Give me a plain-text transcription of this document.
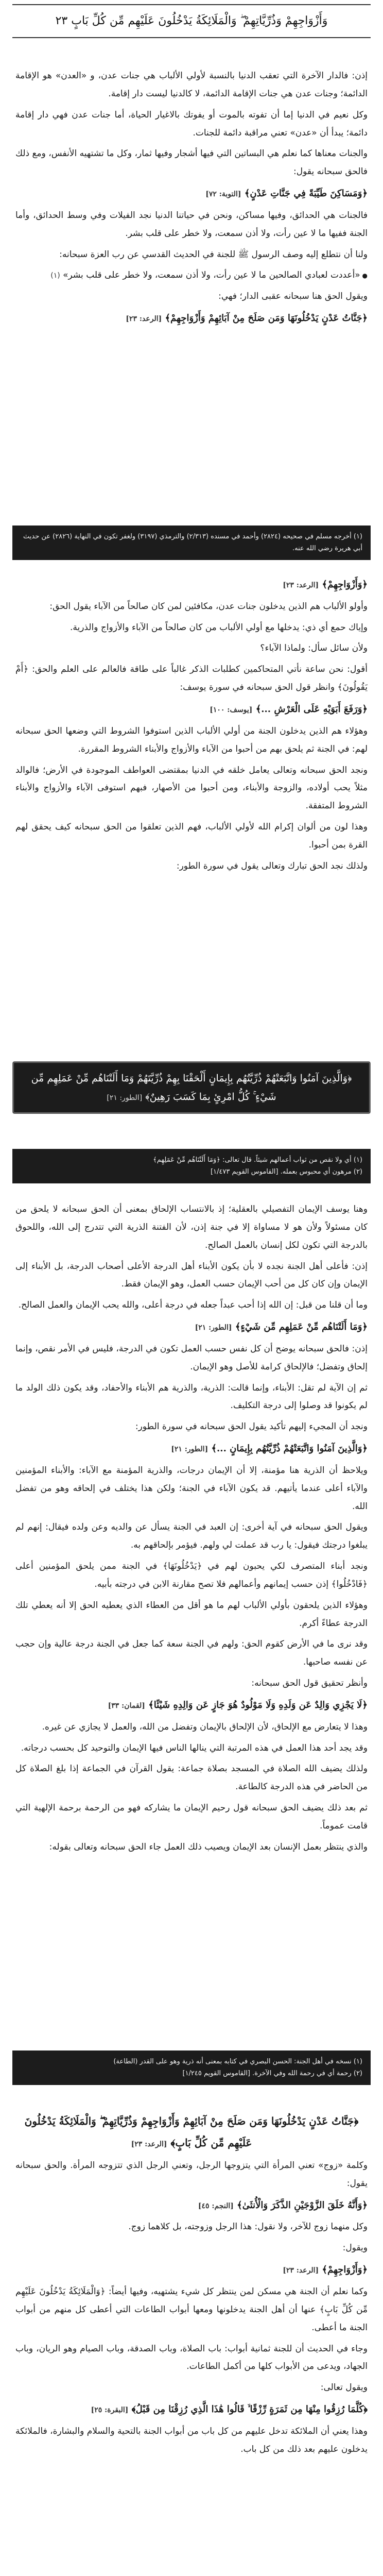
وَأَزْوَاجِهِمْ وَذُرِّيَّاتِهِمْ ۖ وَالْمَلَائِكَةُ يَدْخُلُونَ عَلَيْهِم مِّن كُلِّ بَابٍ ٢٣

إذن: فالدار الآخرة التي تعقب الدنيا بالنسبة لأولي الألباب هي جنات عدن، و «العدن» هو الإقامة الدائمة؛ وجنات عدن هي جنات الإقامة الدائمة، لا كالدنيا ليست دار إقامة.

وكل نعيم في الدنيا إما أن تفوته بالموت أو يفوتك بالاغيار الحياة، أما جنات عدن فهي دار إقامة دائمة؛ يبدأ أن «عدن» تعني مراقبة دائمة للجنات.

والجنات معناها كما نعلم هي البساتين التي فيها أشجار وفيها ثمار، وكل ما تشتهيه الأنفس، ومع ذلك فالحق سبحانه يقول:

﴿وَمَسَاكِنَ طَيِّبَةً فِي جَنَّاتِ عَدْنٍ﴾ [التوبة: ٧٢]

فالجنات هي الحدائق، وفيها مساكن، ونحن في حياتنا الدنيا نجد الفيلات وفي وسط الحدائق، وأما الجنة ففيها ما لا عين رأت، ولا أذن سمعت، ولا خطر على قلب بشر.

ولنا أن نتطلع إليه وصف الرسول ﷺ للجنة في الحديث القدسي عن رب العزة سبحانه:

● «أعددت لعبادي الصالحين ما لا عين رأت، ولا أذن سمعت، ولا خطر على قلب بشر» (١)

ويقول الحق هنا سبحانه عقبى الدار؛ فهي:

﴿جَنَّاتُ عَدْنٍ يَدْخُلُونَهَا وَمَن صَلَحَ مِنْ آبَائِهِمْ وَأَزْوَاجِهِمْ﴾ [الرعد: ٢٣]
(١) أخرجه مسلم في صحيحه (٢٨٢٤) وأحمد في مسنده (٢/٣١٣) والترمذي (٣١٩٧) ولغفر تكون في النهاية (٢٨٢٦) عن حديث أبي هريرة رضي الله عنه.
﴿وَأَزْوَاجِهِمْ﴾ [الرعد: ٢٣]

وأولو الألباب هم الذين يدخلون جنات عدن، مكافئين لمن كان صالحاً من الآباء يقول الحق:

وإياك حمع أي ذي: يدخلها مع أولي الألباب من كان صالحاً من الآباء والأزواج والذرية.

ولأن سائل سأل: ولماذا الآباء؟

أقول: نحن ساعة نأتي المتحاكمين كطلبات الذكر غالباً على طاقة فالعالم على العلم والحق: ﴿أَمْ يَقُولُونَ﴾ وانظر قول الحق سبحانه في سورة يوسف:

﴿وَرَفَعَ أَبَوَيْهِ عَلَى الْعَرْشِ ...﴾ [يوسف: ١٠٠]

وهؤلاء هم الذين يدخلون الجنة من أولي الألباب الذين استوفوا الشروط التي وضعها الحق سبحانه لهم: في الجنة ثم يلحق بهم من أحبوا من الآباء والأزواج والأبناء الشروط المقررة.

ونجد الحق سبحانه وتعالى يعامل خلقه في الدنيا بمقتضى العواطف الموجودة في الأرض؛ فالوالد مثلاً يحب أولاده، والزوجة والأبناء، ومن أحبوا من الأصهار، فبهم استوفى الآباء والأزواج والأبناء الشروط المتفقة.

وهذا لون من ألوان إكرام الله لأولي الألباب، فهم الذين تعلقوا من الحق سبحانه كيف يحقق لهم القرة بمن أحبوا.

ولذلك نجد الحق تبارك وتعالى يقول في سورة الطور:

﴿وَالَّذِينَ آمَنُوا وَاتَّبَعَتْهُمْ ذُرِّيَّتُهُم بِإِيمَانٍ أَلْحَقْنَا بِهِمْ ذُرِّيَّتَهُمْ وَمَا أَلَتْنَاهُم مِّنْ عَمَلِهِم مِّن شَيْءٍ ۚ كُلُّ امْرِئٍ بِمَا كَسَبَ رَهِينٌ﴾ [الطور: ٢١]
(١) أي ولا نقص من ثواب أعمالهم شيئاً. قال تعالى: ﴿وَمَا أَلَتْنَاهُم مِّنْ عَمَلِهِم﴾
(٢) مرهون أي محبوس بعمله. [القاموس القويم ١/٤٧٣]

وهنا يوسف الإيمان التفصيلي بالعقلية؛ إذ بالانتساب الإلحاق بمعنى أن الحق سبحانه لا يلحق من كان مسئولاً ولأن هو لا مساواة إلا في جنة إذن، لأن الفتنة الذرية التي تتدرج إلى الله، واللحوق بالدرجة التي تكون لكل إنسان بالعمل الصالح.

إذن: فأعلى أهل الجنة نجده لا بأن يكون الأبناء أهل الدرجة الأعلى أصحاب الدرجة، بل الأبناء إلى الإيمان وإن كان كل من أحب الإيمان حسب العمل، وهو الإيمان فقط.

وما أن قلنا من قبل: إن الله إذا أحب عبداً جعله في درجة أعلى، والله يحب الإيمان والعمل الصالح.

﴿وَمَا أَلَتْنَاهُم مِّنْ عَمَلِهِم مِّن شَيْءٍ﴾ [الطور: ٢١]

إذن: فالحق سبحانه يوضح أن كل نفس حسب العمل تكون في الدرجة، فليس في الأمر نقص، وإنما إلحاق وتفضل؛ فالإلحاق كرامة للأصل وهو الإيمان.

ثم إن الآية لم تقل: الأبناء، وإنما قالت: الذرية، والذرية هم الأبناء والأحفاد، وقد يكون ذلك الولد ما لم يكونوا قد وصلوا إلى درجة التكليف.

ونجد أن المجيء إليهم تأكيد يقول الحق سبحانه في سورة الطور:

﴿وَالَّذِينَ آمَنُوا وَاتَّبَعَتْهُمْ ذُرِّيَّتُهُم بِإِيمَانٍ ...﴾ [الطور: ٢١]

ويلاحظ أن الذرية هنا مؤمنة، إلا أن الإيمان درجات، والذرية المؤمنة مع الآباء: والأبناء المؤمنين والآباء أعلى عندما يأتيهم. قد يكون الآباء في الجنة؛ ولكن هذا يختلف في إلحاقه وهو من تفضل الله.

ويقول الحق سبحانه في آية أخرى: إن العبد في الجنة يسأل عن والديه وعن ولده فيقال: إنهم لم يبلغوا درجتك فيقول: يا رب قد عملت لي ولهم. فيؤمر بإلحاقهم به.

ونجد أبناء المتصرف لكي يحبون لهم في ﴿يَدْخُلُونَهَا﴾ في الجنة ممن يلحق المؤمنين أعلى ﴿فَادْخُلُوا﴾ إذن حسب إيمانهم وأعمالهم فلا تصح مقارنة الابن في درجته بأبيه.

وهؤلاء الذين يلحقون بأولي الألباب لهم ما هو أقل من العطاء الذي يعطيه الحق إلا أنه يعطي تلك الدرجة عطاءً أكرم.

وقد نرى ما في الأرض كقوم الحق: ولهم في الجنة سعة كما جعل في الجنة درجة عالية وإن حجب عن نفسه صاحبها.

وأنظر تحقيق قول الحق سبحانه:

﴿لَا يَجْزِي وَالِدٌ عَن وَلَدِهِ وَلَا مَوْلُودٌ هُوَ جَازٍ عَن وَالِدِهِ شَيْئًا﴾ [لقمان: ٣٣]

وهذا لا يتعارض مع الإلحاق، لأن الإلحاق بالإيمان وتفضل من الله، والعمل لا يجازي عن غيره.

وقد يجد أحد هذا العمل في هذه المرتبة التي ينالها الناس فيها الإيمان والتوحيد كل بحسب درجاته.

ولذلك يضيف الله الصلاة في المسجد بصلاة جماعة: يقول القرآن في الجماعة إذا بلغ الصلاة كل من الحاضر في هذه الدرجة كالطاعة.

ثم بعد ذلك يضيف الحق سبحانه قول رحيم الإيمان ما يشاركه فهو من الرحمة برحمة الإلهية التي قامت عموماً.

والذي ينتظر بعمل الإنسان بعد الإيمان ويصيب ذلك العمل جاء الحق سبحانه وتعالى بقوله:

(١) نسخه في أهل الجنة: الحسن البصري في كتابه بمعنى أنه ذرية وهو على القدر (الطاعة)
(٢) رحمة أي في رحمة الله وفي الآخرة. [القاموس القويم ١/٢٤٥]
﴿جَنَّاتُ عَدْنٍ يَدْخُلُونَهَا وَمَن صَلَحَ مِنْ آبَائِهِمْ وَأَزْوَاجِهِمْ وَذُرِّيَّاتِهِمْ ۖ وَالْمَلَائِكَةُ يَدْخُلُونَ عَلَيْهِم مِّن كُلِّ بَابٍ﴾ [الرعد: ٢٣]

وكلمة «زوج» تعني المرأة التي يتزوجها الرجل، وتعني الرجل الذي تتزوجه المرأة. والحق سبحانه يقول:

﴿وَأَنَّهُ خَلَقَ الزَّوْجَيْنِ الذَّكَرَ وَالْأُنثَىٰ﴾ [النجم: ٤٥]

وكل منهما زوج للآخر، ولا نقول: هذا الرجل وزوجته، بل كلاهما زوج.

ويقول:

﴿وَأَزْوَاجِهِمْ﴾ [الرعد: ٢٣]

وكما نعلم أن الجنة هي مسكن لمن ينتظر كل شيء يشتهيه، وفيها أيضاً: ﴿وَالْمَلَائِكَةُ يَدْخُلُونَ عَلَيْهِم مِّن كُلِّ بَابٍ﴾ عنها أن أهل الجنة يدخلونها ومعها أبواب الطاعات التي أعطى كل منهم من أبواب الجنة ما أعطى.

وجاء في الحديث أن للجنة ثمانية أبواب: باب الصلاة، وباب الصدقة، وباب الصيام وهو الريان، وباب الجهاد، ويدعى من الأبواب كلها من أكمل الطاعات.

ويقول تعالى:

﴿كُلَّمَا رُزِقُوا مِنْهَا مِن ثَمَرَةٍ رِّزْقًا ۙ قَالُوا هَٰذَا الَّذِي رُزِقْنَا مِن قَبْلُ﴾ [البقرة: ٢٥]

وهذا يعني أن الملائكة تدخل عليهم من كل باب من أبواب الجنة بالتحية والسلام والبشارة، فالملائكة يدخلون عليهم بعد ذلك من كل باب.
